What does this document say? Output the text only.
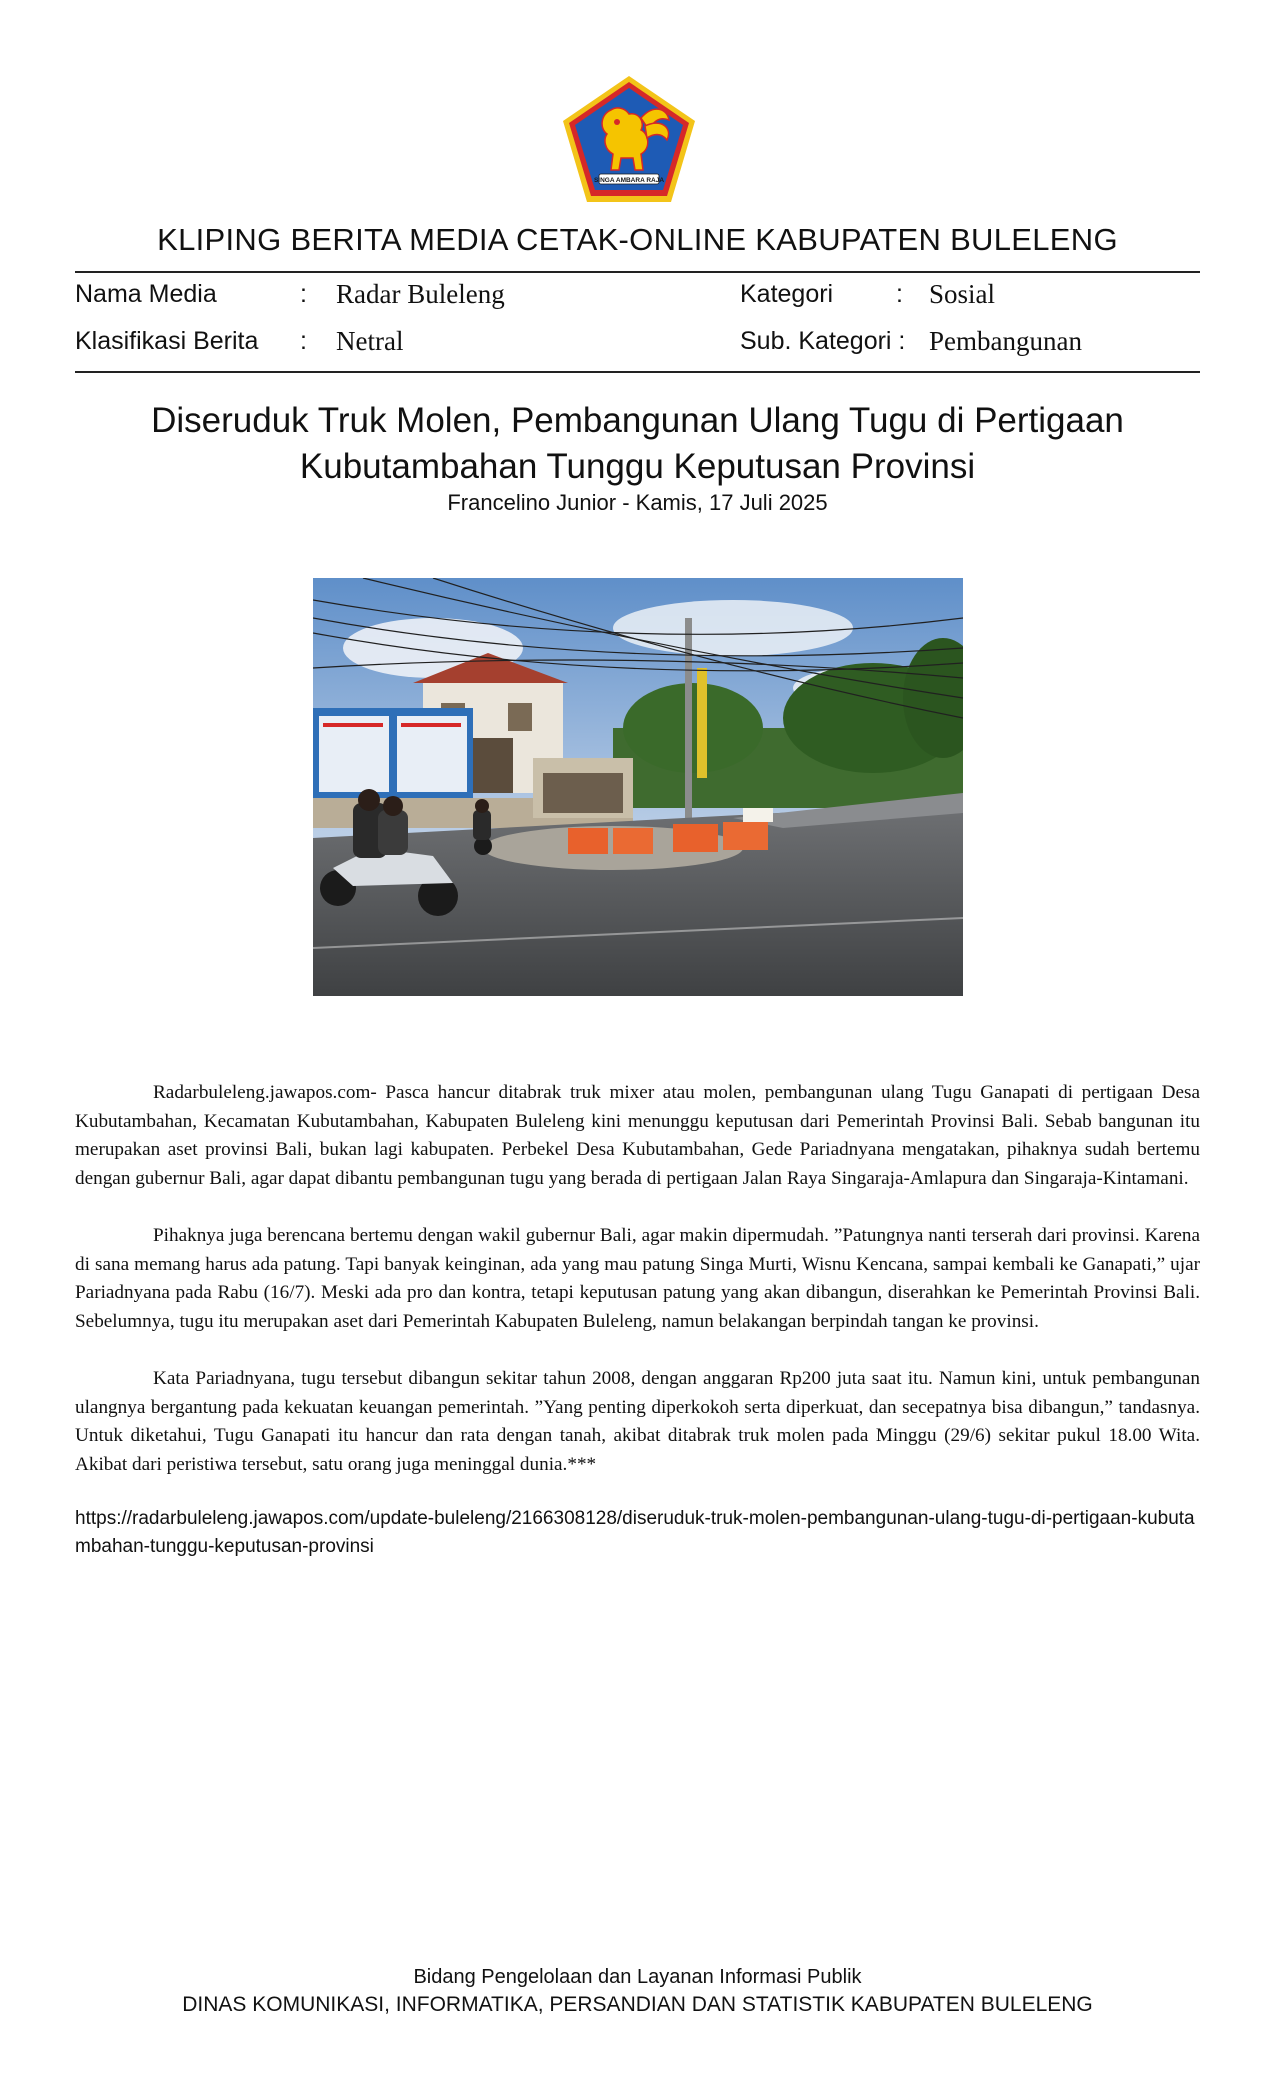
SINGA AMBARA RAJA
KLIPING BERITA MEDIA CETAK-ONLINE KABUPATEN BULELENG
Nama Media	: Radar Buleleng	Kategori	: Sosial
Klasifikasi Berita : Netral	Sub. Kategori : Pembangunan
Diseruduk Truk Molen, Pembangunan Ulang Tugu di Pertigaan Kubutambahan Tunggu Keputusan Provinsi
Francelino Junior - Kamis, 17 Juli 2025

Radarbuleleng.jawapos.com- Pasca hancur ditabrak truk mixer atau molen, pembangunan ulang Tugu Ganapati di pertigaan Desa Kubutambahan, Kecamatan Kubutambahan, Kabupaten Buleleng kini menunggu keputusan dari Pemerintah Provinsi Bali. Sebab bangunan itu merupakan aset provinsi Bali, bukan lagi kabupaten. Perbekel Desa Kubutambahan, Gede Pariadnyana mengatakan, pihaknya sudah bertemu dengan gubernur Bali, agar dapat dibantu pembangunan tugu yang berada di pertigaan Jalan Raya Singaraja-Amlapura dan Singaraja-Kintamani.

Pihaknya juga berencana bertemu dengan wakil gubernur Bali, agar makin dipermudah. ”Patungnya nanti terserah dari provinsi. Karena di sana memang harus ada patung. Tapi banyak keinginan, ada yang mau patung Singa Murti, Wisnu Kencana, sampai kembali ke Ganapati,” ujar Pariadnyana pada Rabu (16/7). Meski ada pro dan kontra, tetapi keputusan patung yang akan dibangun, diserahkan ke Pemerintah Provinsi Bali. Sebelumnya, tugu itu merupakan aset dari Pemerintah Kabupaten Buleleng, namun belakangan berpindah tangan ke provinsi.

Kata Pariadnyana, tugu tersebut dibangun sekitar tahun 2008, dengan anggaran Rp200 juta saat itu. Namun kini, untuk pembangunan ulangnya bergantung pada kekuatan keuangan pemerintah. ”Yang penting diperkokoh serta diperkuat, dan secepatnya bisa dibangun,” tandasnya. Untuk diketahui, Tugu Ganapati itu hancur dan rata dengan tanah, akibat ditabrak truk molen pada Minggu (29/6) sekitar pukul 18.00 Wita. Akibat dari peristiwa tersebut, satu orang juga meninggal dunia.***

https://radarbuleleng.jawapos.com/update-buleleng/2166308128/diseruduk-truk-molen-pembangunan-ulang-tugu-di-pertigaan-kubutambahan-tunggu-keputusan-provinsi
Bidang Pengelolaan dan Layanan Informasi Publik
DINAS KOMUNIKASI, INFORMATIKA, PERSANDIAN DAN STATISTIK KABUPATEN BULELENG
